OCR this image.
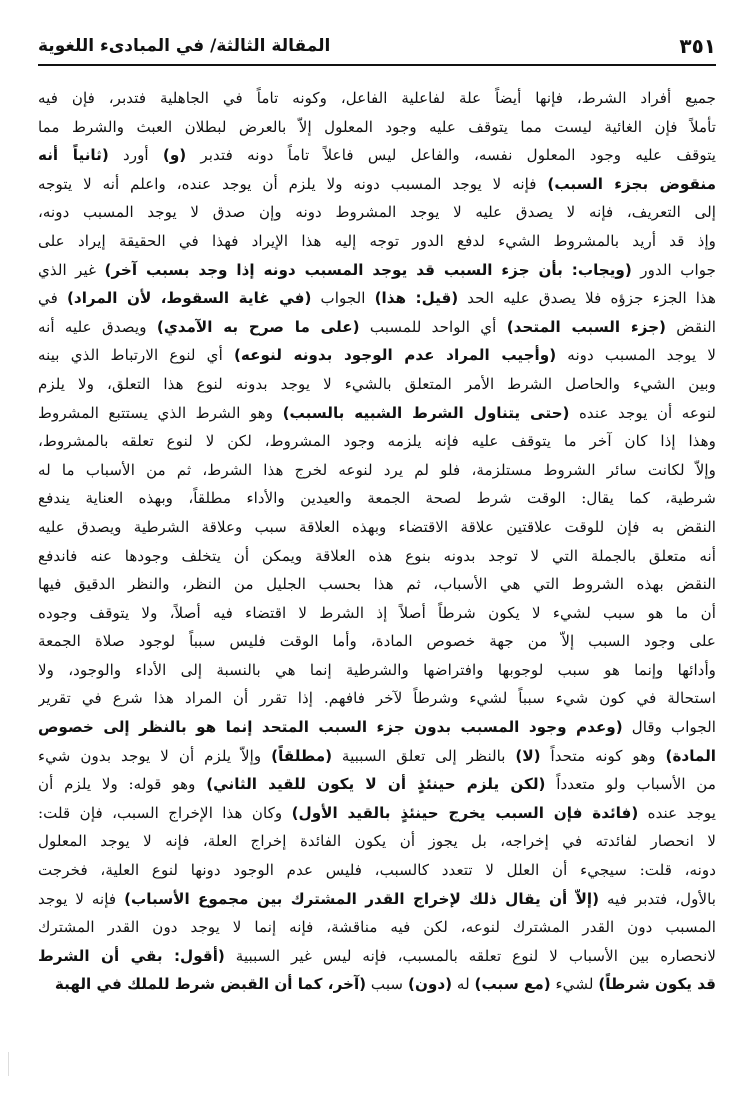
المقالة الثالثة/ في المبادىء اللغوية	٣٥١
جميع أفراد الشرط، فإنها أيضاً علة لفاعلية الفاعل، وكونه تاماً في الجاهلية فتدبر، فإن فيه
تأملاً فإن الغائية ليست مما يتوقف عليه وجود المعلول إلاّ بالعرض لبطلان العبث والشرط مما
يتوقف عليه وجود المعلول نفسه، والفاعل ليس فاعلاً تاماً دونه فتدبر (و) أورد (ثانياً أنه
منقوض بجزء السبب) فإنه لا يوجد المسبب دونه ولا يلزم أن يوجد عنده، واعلم أنه لا يتوجه
إلى التعريف، فإنه لا يصدق عليه لا يوجد المشروط دونه وإن صدق لا يوجد المسبب دونه،
وإذ قد أريد بالمشروط الشيء لدفع الدور توجه إليه هذا الإيراد فهذا في الحقيقة إيراد على
جواب الدور (ويجاب: بأن جزء السبب قد يوجد المسبب دونه إذا وجد بسبب آخر) غير الذي
هذا الجزء جزؤه فلا يصدق عليه الحد (قيل: هذا) الجواب (في غاية السقوط، لأن المراد) في
النقض (جزء السبب المتحد) أي الواحد للمسبب (على ما صرح به الآمدي) ويصدق عليه أنه
لا يوجد المسبب دونه (وأجيب المراد عدم الوجود بدونه لنوعه) أي لنوع الارتباط الذي بينه
وبين الشيء والحاصل الشرط الأمر المتعلق بالشيء لا يوجد بدونه لنوع هذا التعلق، ولا يلزم
لنوعه أن يوجد عنده (حتى يتناول الشرط الشبيه بالسبب) وهو الشرط الذي يستتبع المشروط
وهذا إذا كان آخر ما يتوقف عليه فإنه يلزمه وجود المشروط، لكن لا لنوع تعلقه بالمشروط،
وإلاّ لكانت سائر الشروط مستلزمة، فلو لم يرد لنوعه لخرج هذا الشرط، ثم من الأسباب ما له
شرطية، كما يقال: الوقت شرط لصحة الجمعة والعيدين والأداء مطلقاً، وبهذه العناية يندفع
النقض به فإن للوقت علاقتين علاقة الاقتضاء وبهذه العلاقة سبب وعلاقة الشرطية ويصدق عليه
أنه متعلق بالجملة التي لا توجد بدونه بنوع هذه العلاقة ويمكن أن يتخلف وجودها عنه فاندفع
النقض بهذه الشروط التي هي الأسباب، ثم هذا بحسب الجليل من النظر، والنظر الدقيق فيها
أن ما هو سبب لشيء لا يكون شرطاً أصلاً إذ الشرط لا اقتضاء فيه أصلاً، ولا يتوقف وجوده
على وجود السبب إلاّ من جهة خصوص المادة، وأما الوقت فليس سبباً لوجود صلاة الجمعة
وأدائها وإنما هو سبب لوجوبها وافتراضها والشرطية إنما هي بالنسبة إلى الأداء والوجود، ولا
استحالة في كون شيء سبباً لشيء وشرطاً لآخر فافهم. إذا تقرر أن المراد هذا شرع في تقرير
الجواب وقال (وعدم وجود المسبب بدون جزء السبب المتحد إنما هو بالنظر إلى خصوص
المادة) وهو كونه متحداً (لا) بالنظر إلى تعلق السببية (مطلقاً) وإلاّ يلزم أن لا يوجد بدون شيء
من الأسباب ولو متعدداً (لكن يلزم حينئذٍ أن لا يكون للقيد الثاني) وهو قوله: ولا يلزم أن
يوجد عنده (فائدة فإن السبب يخرج حينئذٍ بالقيد الأول) وكان هذا الإخراج السبب، فإن قلت:
لا انحصار لفائدته في إخراجه، بل يجوز أن يكون الفائدة إخراج العلة، فإنه لا يوجد المعلول
دونه، قلت: سيجيء أن العلل لا تتعدد كالسبب، فليس عدم الوجود دونها لنوع العلية، فخرجت
بالأول، فتدبر فيه (إلاّ أن يقال ذلك لإخراج القدر المشترك بين مجموع الأسباب) فإنه لا يوجد
المسبب دون القدر المشترك لنوعه، لكن فيه مناقشة، فإنه إنما لا يوجد دون القدر المشترك
لانحصاره بين الأسباب لا لنوع تعلقه بالمسبب، فإنه ليس غير السببية (أقول: بقي أن الشرط
قد يكون شرطاً) لشيء (مع سبب) له (دون) سبب (آخر، كما أن القبض شرط للملك في الهبة
